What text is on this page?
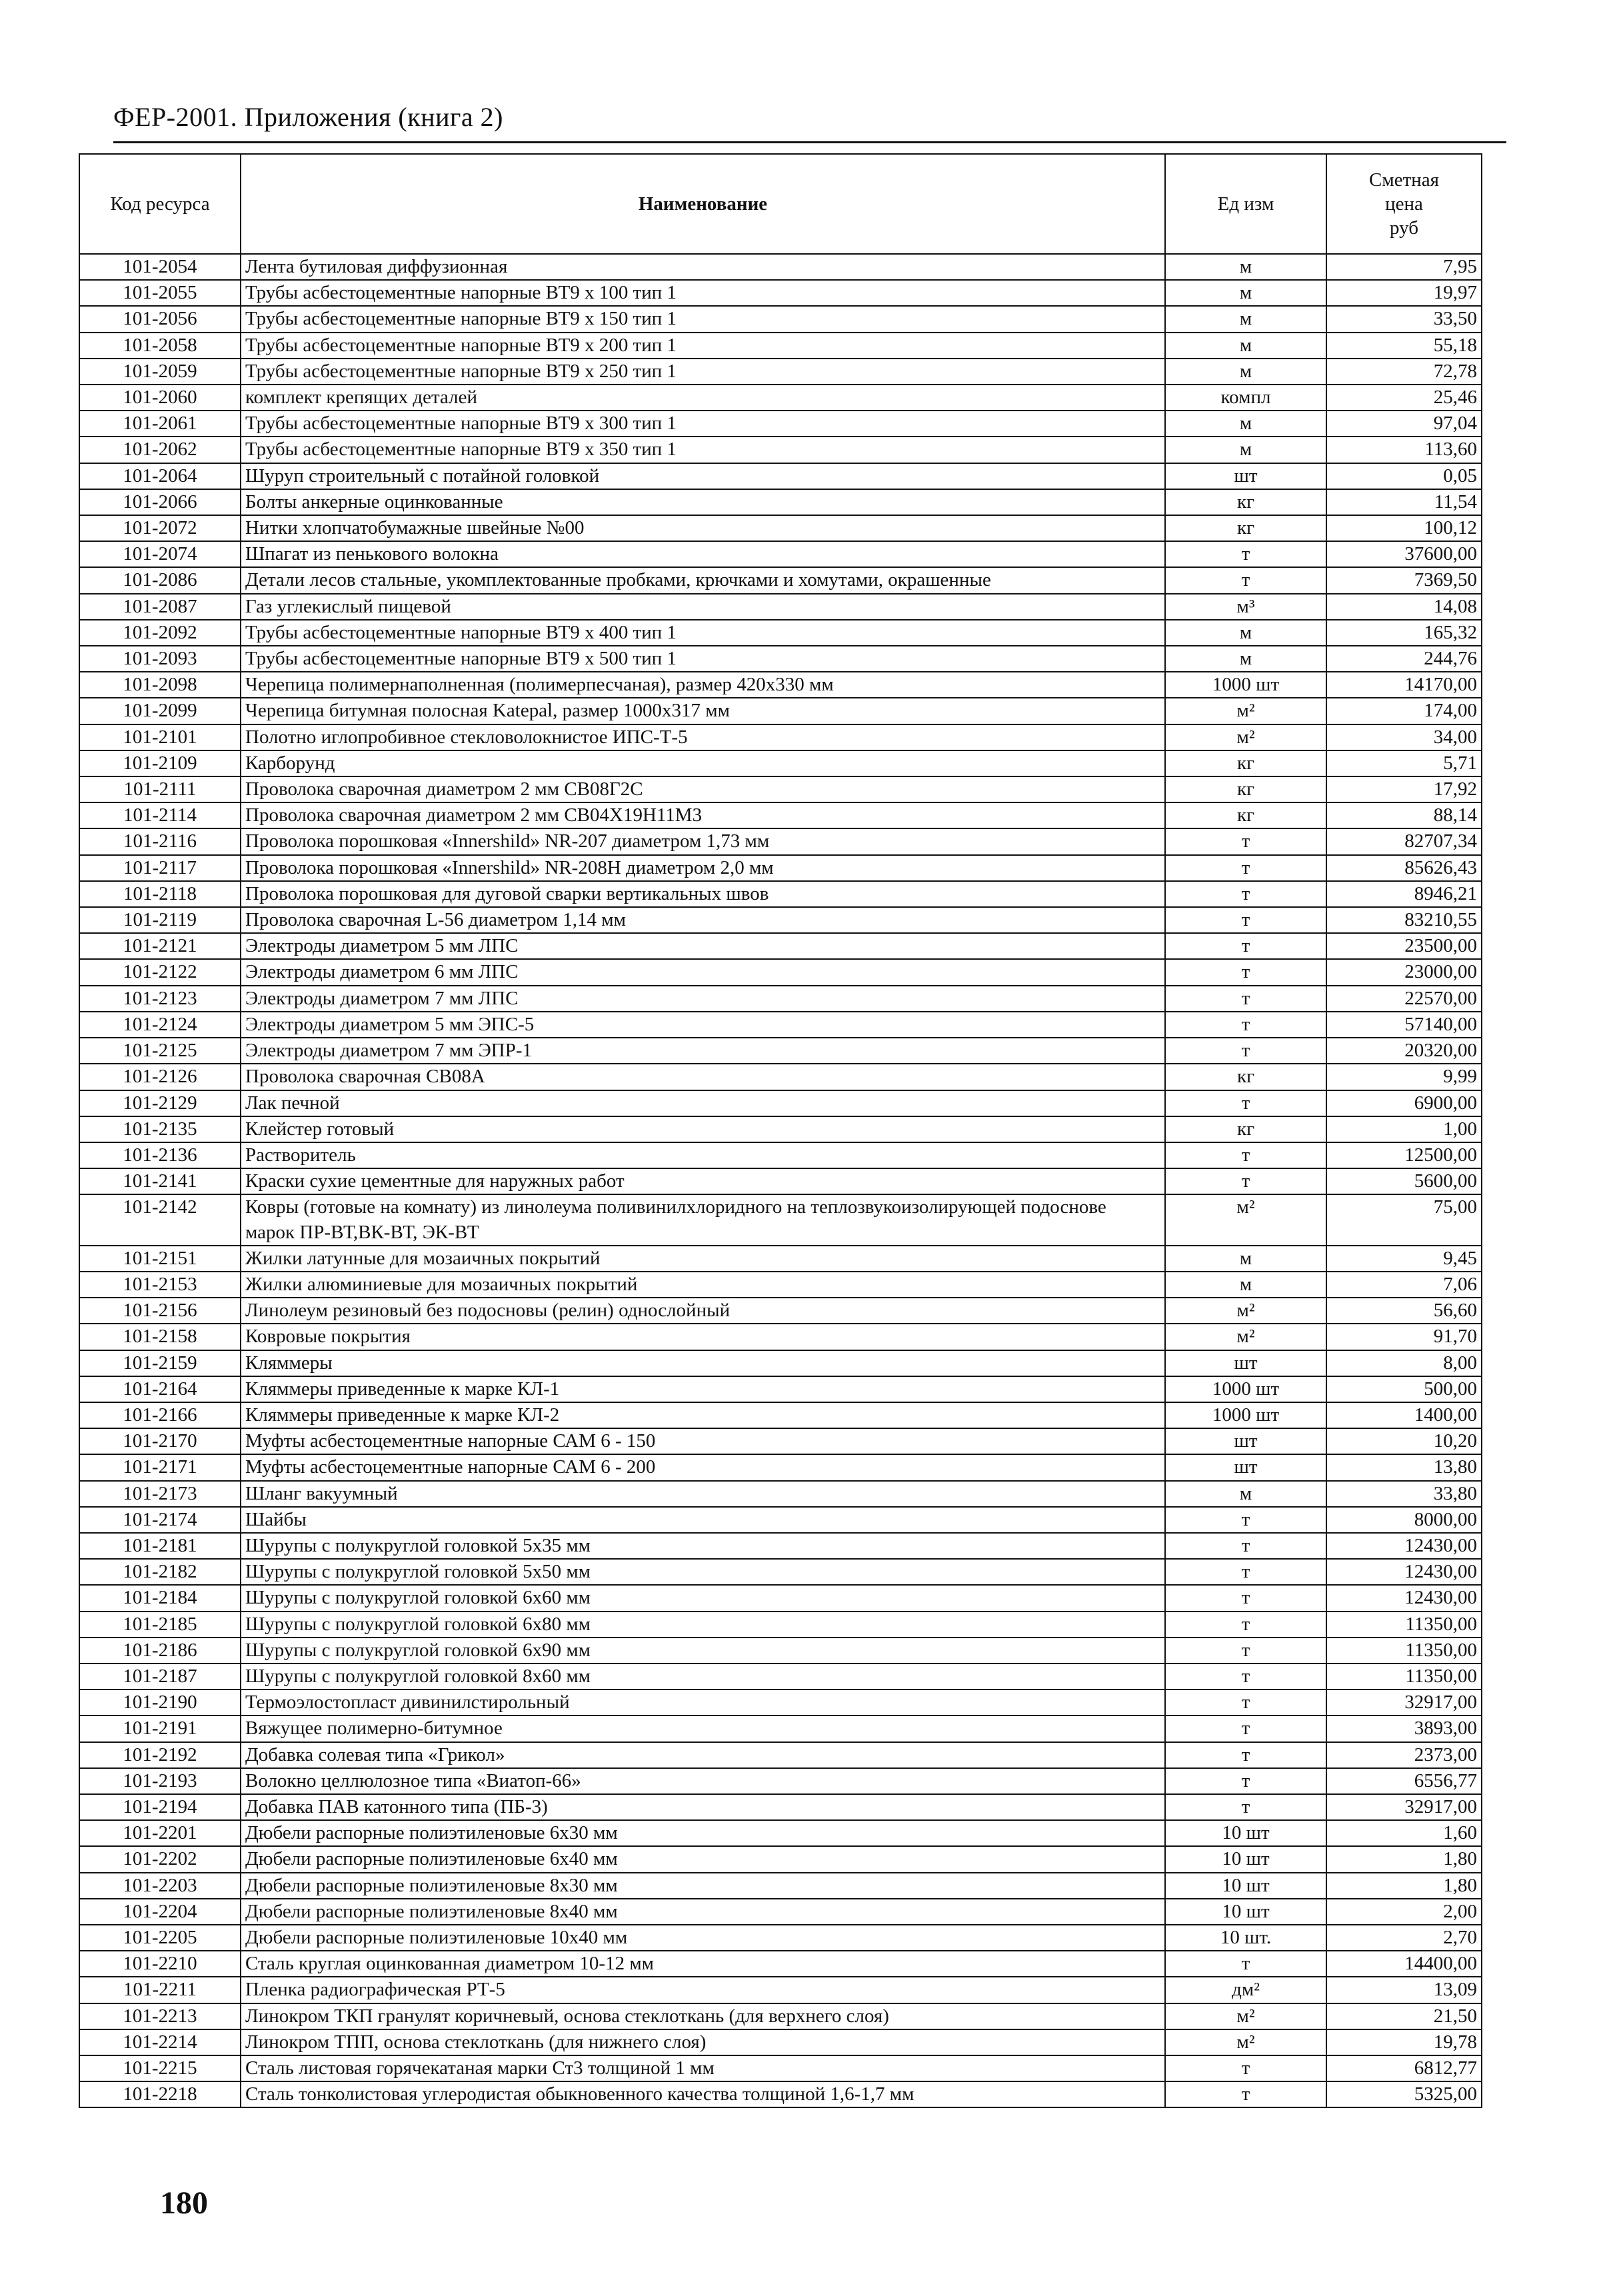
ФЕР-2001. Приложения (книга 2)
Код ресурса	Наименование	Ед изм	Сметная
цена
руб
101-2054	Лента бутиловая диффузионная	м	7,95
101-2055	Трубы асбестоцементные напорные ВТ9 х 100 тип 1	м	19,97
101-2056	Трубы асбестоцементные напорные ВТ9 х 150 тип 1	м	33,50
101-2058	Трубы асбестоцементные напорные ВТ9 х 200 тип 1	м	55,18
101-2059	Трубы асбестоцементные напорные ВТ9 х 250 тип 1	м	72,78
101-2060	комплект крепящих деталей	компл	25,46
101-2061	Трубы асбестоцементные напорные ВТ9 х 300 тип 1	м	97,04
101-2062	Трубы асбестоцементные напорные ВТ9 х 350 тип 1	м	113,60
101-2064	Шуруп строительный с потайной головкой	шт	0,05
101-2066	Болты анкерные оцинкованные	кг	11,54
101-2072	Нитки хлопчатобумажные швейные №00	кг	100,12
101-2074	Шпагат из пенькового волокна	т	37600,00
101-2086	Детали лесов стальные, укомплектованные пробками, крючками и хомутами, окрашенные	т	7369,50
101-2087	Газ углекислый пищевой	м³	14,08
101-2092	Трубы асбестоцементные напорные ВТ9 х 400 тип 1	м	165,32
101-2093	Трубы асбестоцементные напорные ВТ9 х 500 тип 1	м	244,76
101-2098	Черепица полимернаполненная (полимерпесчаная), размер 420х330 мм	1000 шт	14170,00
101-2099	Черепица битумная полосная Katepal, размер 1000х317 мм	м²	174,00
101-2101	Полотно иглопробивное стекловолокнистое ИПС-Т-5	м²	34,00
101-2109	Карборунд	кг	5,71
101-2111	Проволока сварочная диаметром 2 мм СВ08Г2С	кг	17,92
101-2114	Проволока сварочная диаметром 2 мм СВ04Х19Н11М3	кг	88,14
101-2116	Проволока порошковая «Innershіld» NR-207 диаметром 1,73 мм	т	82707,34
101-2117	Проволока порошковая «Innershіld» NR-208H диаметром 2,0 мм	т	85626,43
101-2118	Проволока порошковая для дуговой сварки вертикальных швов	т	8946,21
101-2119	Проволока сварочная L-56 диаметром 1,14 мм	т	83210,55
101-2121	Электроды диаметром 5 мм ЛПС	т	23500,00
101-2122	Электроды диаметром 6 мм ЛПС	т	23000,00
101-2123	Электроды диаметром 7 мм ЛПС	т	22570,00
101-2124	Электроды диаметром 5 мм ЭПС-5	т	57140,00
101-2125	Электроды диаметром 7 мм ЭПР-1	т	20320,00
101-2126	Проволока сварочная СВ08А	кг	9,99
101-2129	Лак печной	т	6900,00
101-2135	Клейстер готовый	кг	1,00
101-2136	Растворитель	т	12500,00
101-2141	Краски сухие цементные для наружных работ	т	5600,00
101-2142	Ковры (готовые на комнату) из линолеума поливинилхлоридного на теплозвукоизолирующей подоснове марок ПР-ВТ,ВК-ВТ, ЭК-ВТ	м²	75,00
101-2151	Жилки латунные для мозаичных покрытий	м	9,45
101-2153	Жилки алюминиевые для мозаичных покрытий	м	7,06
101-2156	Линолеум резиновый без подосновы (релин) однослойный	м²	56,60
101-2158	Ковровые покрытия	м²	91,70
101-2159	Кляммеры	шт	8,00
101-2164	Кляммеры приведенные к марке КЛ-1	1000 шт	500,00
101-2166	Кляммеры приведенные к марке КЛ-2	1000 шт	1400,00
101-2170	Муфты асбестоцементные напорные САМ 6 - 150	шт	10,20
101-2171	Муфты асбестоцементные напорные САМ 6 - 200	шт	13,80
101-2173	Шланг вакуумный	м	33,80
101-2174	Шайбы	т	8000,00
101-2181	Шурупы с полукруглой головкой 5х35 мм	т	12430,00
101-2182	Шурупы с полукруглой головкой 5х50 мм	т	12430,00
101-2184	Шурупы с полукруглой головкой 6х60 мм	т	12430,00
101-2185	Шурупы с полукруглой головкой 6х80 мм	т	11350,00
101-2186	Шурупы с полукруглой головкой 6х90 мм	т	11350,00
101-2187	Шурупы с полукруглой головкой 8х60 мм	т	11350,00
101-2190	Термоэлостопласт дивинилстирольный	т	32917,00
101-2191	Вяжущее полимерно-битумное	т	3893,00
101-2192	Добавка солевая типа «Грикол»	т	2373,00
101-2193	Волокно целлюлозное типа «Виатоп-66»	т	6556,77
101-2194	Добавка ПАВ катонного типа (ПБ-3)	т	32917,00
101-2201	Дюбели распорные полиэтиленовые 6х30 мм	10 шт	1,60
101-2202	Дюбели распорные полиэтиленовые 6х40 мм	10 шт	1,80
101-2203	Дюбели распорные полиэтиленовые 8х30 мм	10 шт	1,80
101-2204	Дюбели распорные полиэтиленовые 8х40 мм	10 шт	2,00
101-2205	Дюбели распорные полиэтиленовые 10х40 мм	10 шт.	2,70
101-2210	Сталь круглая оцинкованная диаметром 10-12 мм	т	14400,00
101-2211	Пленка радиографическая РТ-5	дм²	13,09
101-2213	Линокром ТКП гранулят коричневый, основа стеклоткань (для верхнего слоя)	м²	21,50
101-2214	Линокром ТПП, основа стеклоткань (для нижнего слоя)	м²	19,78
101-2215	Сталь листовая горячекатаная марки Ст3 толщиной 1 мм	т	6812,77
101-2218	Сталь тонколистовая углеродистая обыкновенного качества толщиной 1,6-1,7 мм	т	5325,00
180
